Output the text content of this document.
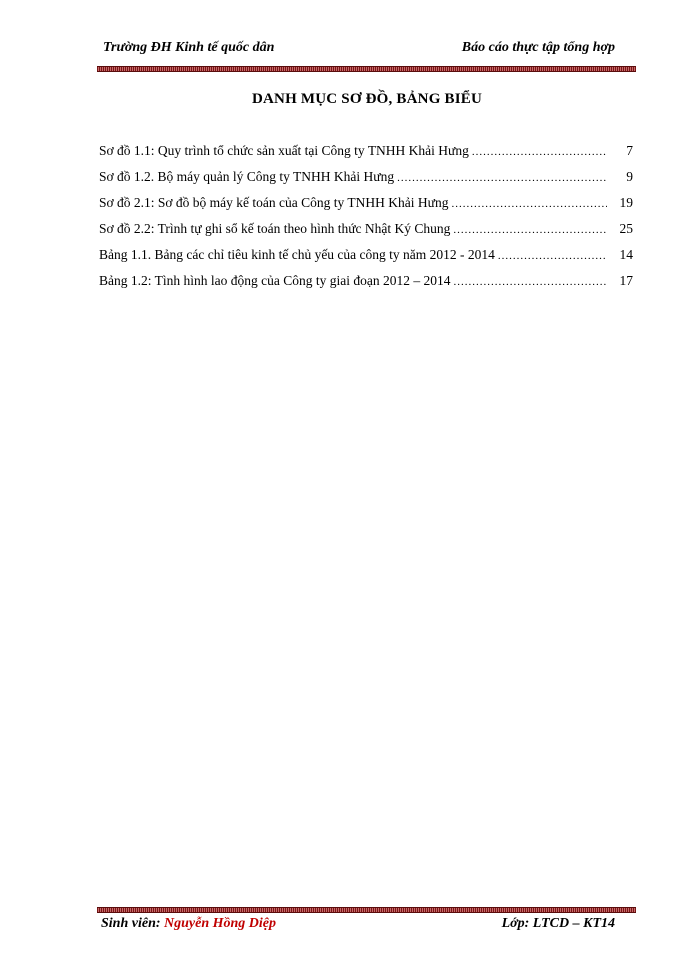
Trường ĐH Kinh tế quốc dân	Báo cáo thực tập tổng hợp
DANH MỤC SƠ ĐỒ, BẢNG BIỂU
Sơ đồ 1.1: Quy trình tổ chức sản xuất tại Công ty TNHH Khải Hưng .....	7
Sơ đồ 1.2. Bộ máy quản lý Công ty TNHH Khải Hưng .....	9
Sơ đồ 2.1: Sơ đồ bộ máy kế toán của Công ty TNHH Khải Hưng .....	19
Sơ đồ 2.2: Trình tự ghi sổ kế toán theo hình thức Nhật Ký Chung .....	25
Bảng 1.1. Bảng các chỉ tiêu kinh tế chủ yếu của công ty năm 2012 - 2014 .....	14
Bảng 1.2: Tình hình lao động của Công ty giai đoạn 2012 – 2014 .....	17
Sinh viên: Nguyễn Hồng Diệp	Lớp: LTCD – KT14
